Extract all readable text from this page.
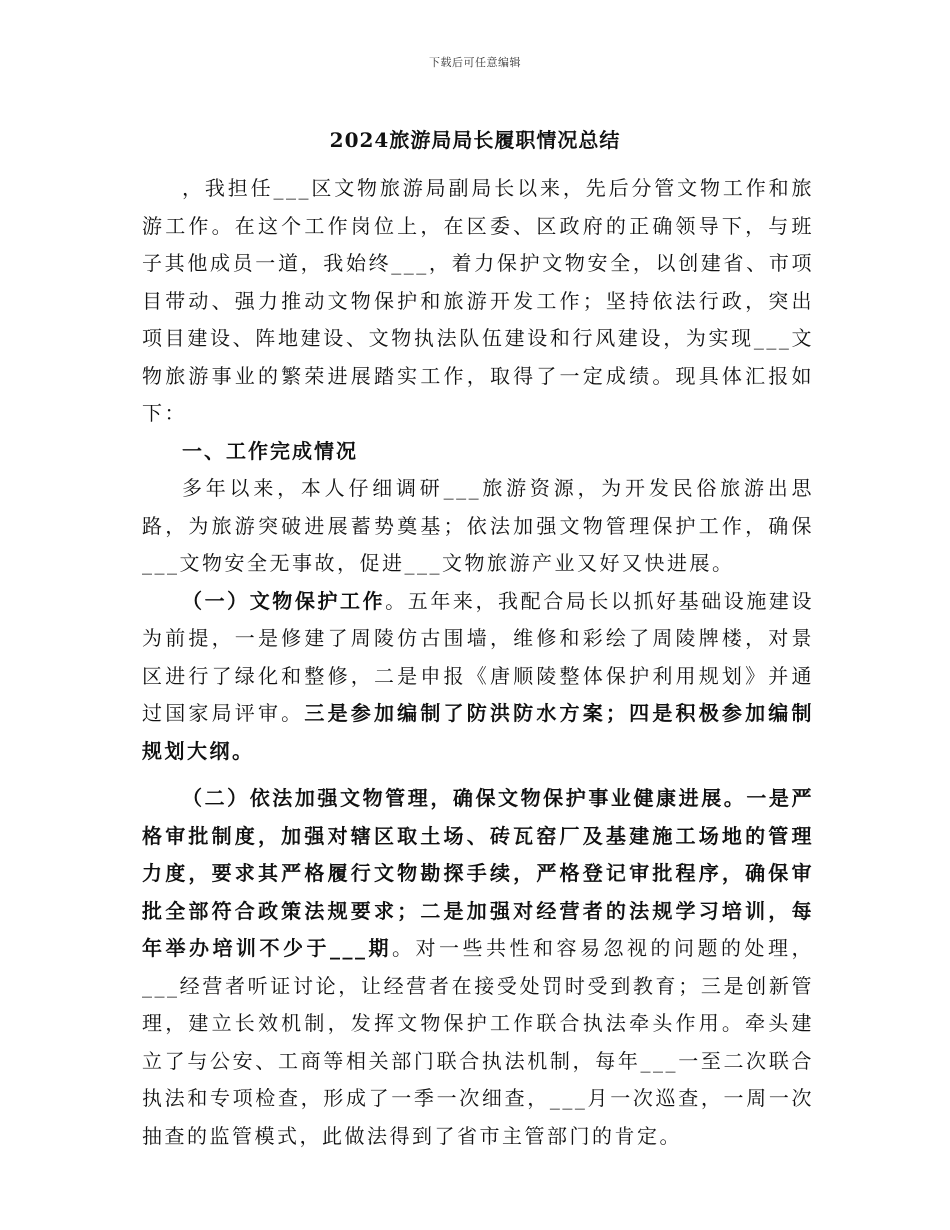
下载后可任意编辑
2024旅游局局长履职情况总结

，我担任___区文物旅游局副局长以来，先后分管文物工作和旅游工作。在这个工作岗位上，在区委、区政府的正确领导下，与班子其他成员一道，我始终___，着力保护文物安全，以创建省、市项目带动、强力推动文物保护和旅游开发工作；坚持依法行政，突出项目建设、阵地建设、文物执法队伍建设和行风建设，为实现___文物旅游事业的繁荣进展踏实工作，取得了一定成绩。现具体汇报如下：

一、工作完成情况

多年以来，本人仔细调研___旅游资源，为开发民俗旅游出思路，为旅游突破进展蓄势奠基；依法加强文物管理保护工作，确保___文物安全无事故，促进___文物旅游产业又好又快进展。

（一）文物保护工作。五年来，我配合局长以抓好基础设施建设为前提，一是修建了周陵仿古围墙，维修和彩绘了周陵牌楼，对景区进行了绿化和整修，二是申报《唐顺陵整体保护利用规划》并通过国家局评审。三是参加编制了防洪防水方案；四是积极参加编制规划大纲。

（二）依法加强文物管理，确保文物保护事业健康进展。一是严格审批制度，加强对辖区取土场、砖瓦窑厂及基建施工场地的管理力度，要求其严格履行文物勘探手续，严格登记审批程序，确保审批全部符合政策法规要求；二是加强对经营者的法规学习培训，每年举办培训不少于___期。对一些共性和容易忽视的问题的处理，___经营者听证讨论，让经营者在接受处罚时受到教育；三是创新管理，建立长效机制，发挥文物保护工作联合执法牵头作用。牵头建立了与公安、工商等相关部门联合执法机制，每年___一至二次联合执法和专项检查，形成了一季一次细查，___月一次巡查，一周一次抽查的监管模式，此做法得到了省市主管部门的肯定。
